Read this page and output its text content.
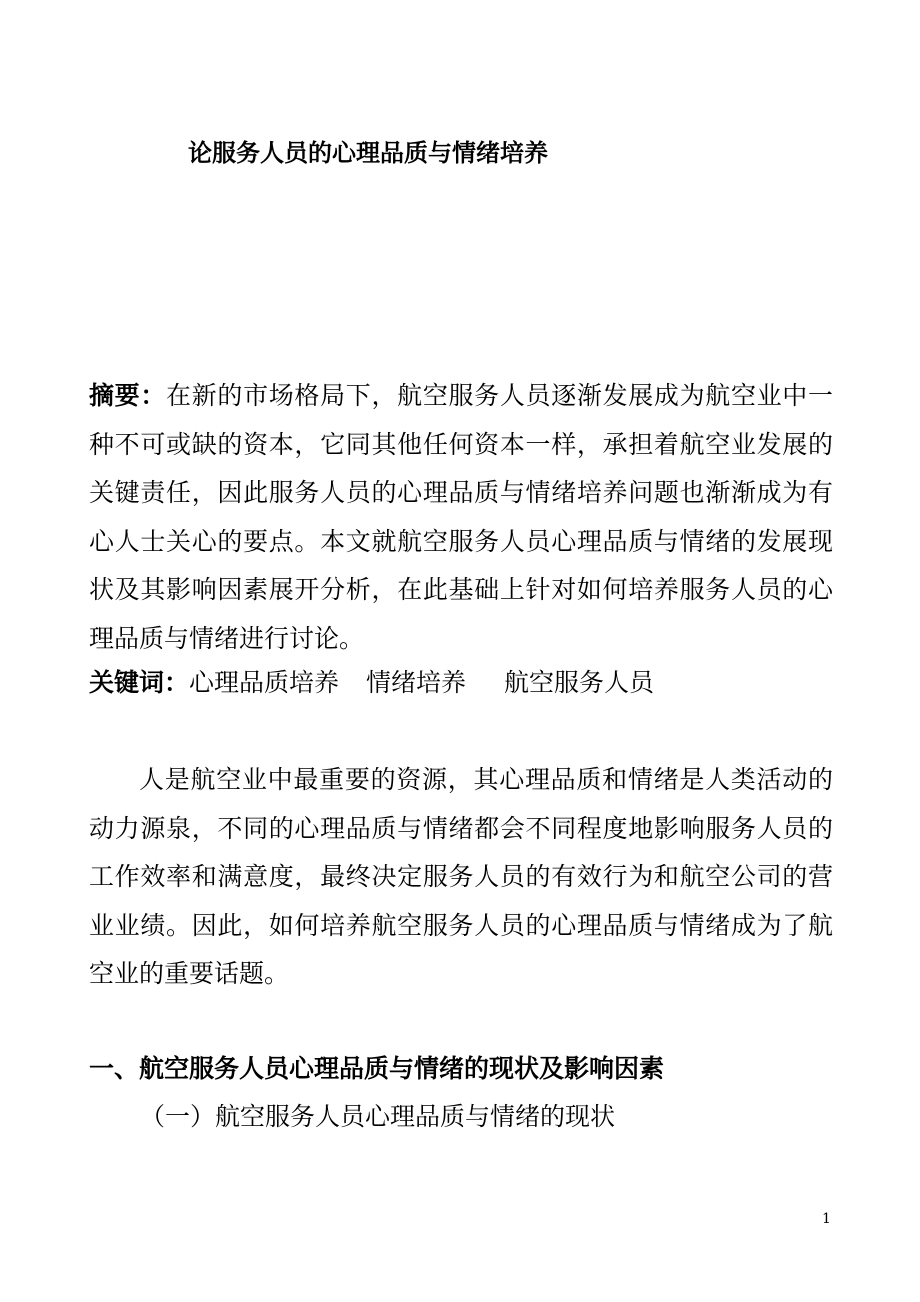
论服务人员的心理品质与情绪培养
摘要：在新的市场格局下，航空服务人员逐渐发展成为航空业中一种不可或缺的资本，它同其他任何资本一样，承担着航空业发展的关键责任，因此服务人员的心理品质与情绪培养问题也渐渐成为有心人士关心的要点。本文就航空服务人员心理品质与情绪的发展现状及其影响因素展开分析，在此基础上针对如何培养服务人员的心理品质与情绪进行讨论。
关键词：心理品质培养 情绪培养 航空服务人员
人是航空业中最重要的资源，其心理品质和情绪是人类活动的动力源泉，不同的心理品质与情绪都会不同程度地影响服务人员的工作效率和满意度，最终决定服务人员的有效行为和航空公司的营业业绩。因此，如何培养航空服务人员的心理品质与情绪成为了航空业的重要话题。
一、航空服务人员心理品质与情绪的现状及影响因素
（一）航空服务人员心理品质与情绪的现状
1
